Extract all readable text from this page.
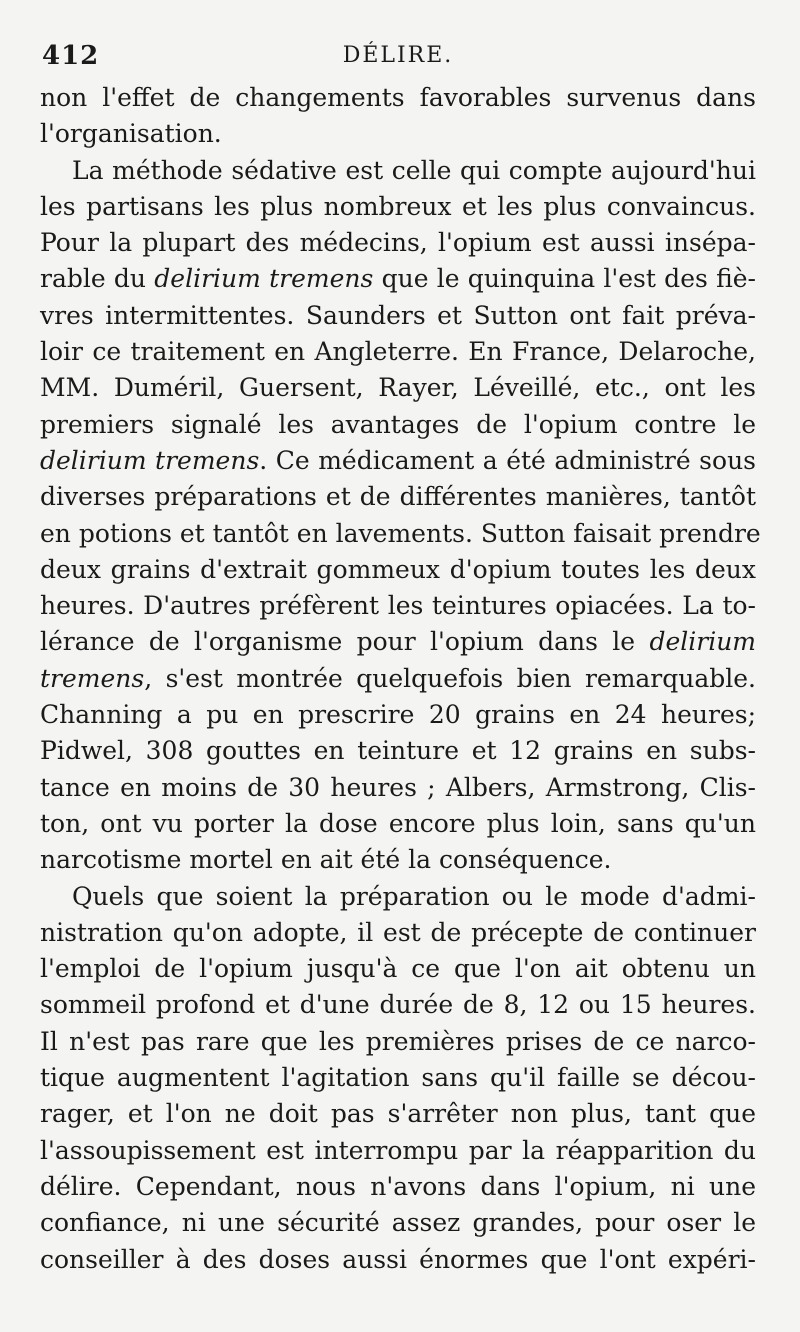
412	DÉLIRE.
non l'effet de changements favorables survenus dans
l'organisation.
La méthode sédative est celle qui compte aujourd'hui
les partisans les plus nombreux et les plus convaincus.
Pour la plupart des médecins, l'opium est aussi insépa-
rable du delirium tremens que le quinquina l'est des fiè-
vres intermittentes. Saunders et Sutton ont fait préva-
loir ce traitement en Angleterre. En France, Delaroche,
MM. Duméril, Guersent, Rayer, Léveillé, etc., ont les
premiers signalé les avantages de l'opium contre le
delirium tremens. Ce médicament a été administré sous
diverses préparations et de différentes manières, tantôt
en potions et tantôt en lavements. Sutton faisait prendre
deux grains d'extrait gommeux d'opium toutes les deux
heures. D'autres préfèrent les teintures opiacées. La to-
lérance de l'organisme pour l'opium dans le delirium
tremens, s'est montrée quelquefois bien remarquable.
Channing a pu en prescrire 20 grains en 24 heures;
Pidwel, 308 gouttes en teinture et 12 grains en subs-
tance en moins de 30 heures ; Albers, Armstrong, Clis-
ton, ont vu porter la dose encore plus loin, sans qu'un
narcotisme mortel en ait été la conséquence.
Quels que soient la préparation ou le mode d'admi-
nistration qu'on adopte, il est de précepte de continuer
l'emploi de l'opium jusqu'à ce que l'on ait obtenu un
sommeil profond et d'une durée de 8, 12 ou 15 heures.
Il n'est pas rare que les premières prises de ce narco-
tique augmentent l'agitation sans qu'il faille se décou-
rager, et l'on ne doit pas s'arrêter non plus, tant que
l'assoupissement est interrompu par la réapparition du
délire. Cependant, nous n'avons dans l'opium, ni une
confiance, ni une sécurité assez grandes, pour oser le
conseiller à des doses aussi énormes que l'ont expéri-
